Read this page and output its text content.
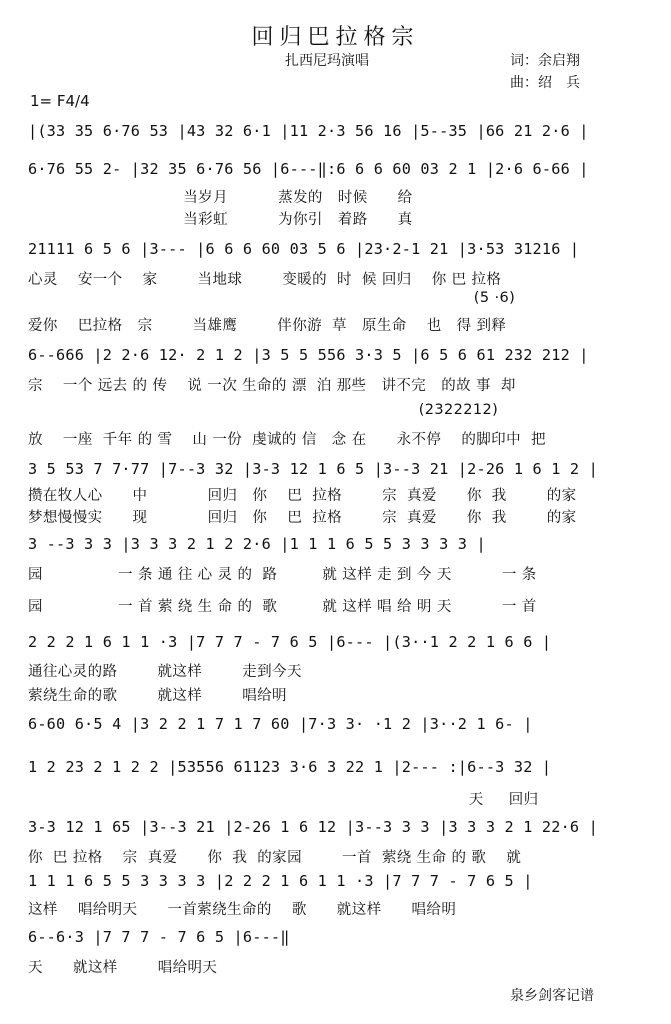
回归巴拉格宗
扎西尼玛演唱	词：余启翔
曲：绍　兵
1= F4/4
|(33 35 6·76 53 |43 32 6·1 |11 2·3 56 16 |5--35 |66 21 2·6 |
6·76 55 2- |32 35 6·76 56 |6---‖:6 6 6 60 03 2 1 |2·6 6-66 |
当岁月          蒸发的   时候      给
当彩虹          为你引   着路      真
21111 6 5 6 |3--- |6 6 6 60 03 5 6 |23·2-1 21 |3·53 31216 |
心灵    安一个    家        当地球        变暖的  时  候 回归    你 巴 拉格
(5 ·6)
爱你    巴拉格   宗        当雄鹰        伴你游  草   原生命    也   得 到释
6--666 |2 2·6 12· 2 1 2 |3 5 5 556 3·3 5 |6 5 6 61 232 212 |
宗    一个 远去 的 传    说 一次 生命的 漂  泊 那些   讲不完   的故 事  却
(2322212)
放    一座  千年 的 雪    山 一份  虔诚的 信   念 在      永不停    的脚印中  把
3 5 53 7 7·77 |7--3 32 |3-3 12 1 6 5 |3--3 21 |2-26 1 6 1 2 |
攒在牧人心      中            回归   你    巴  拉格        宗  真爱      你  我        的家
梦想慢慢实      现            回归   你    巴  拉格        宗  真爱      你  我        的家
3 --3 3 3 |3 3 3 2 1 2 2·6 |1 1 1 6 5 5 3 3 3 3 |
园               一 条 通 往 心 灵 的  路         就 这样 走 到 今 天          一 条
园               一 首 萦 绕 生 命 的  歌         就 这样 唱 给 明 天          一 首
2 2 2 1 6 1 1 ·3 |7 7 7 - 7 6 5 |6--- |(3··1 2 2 1 6 6 |
通往心灵的路        就这样        走到今天
萦绕生命的歌        就这样        唱给明
6-60 6·5 4 |3 2 2 1 7 1 7 60 |7·3 3· ·1 2 |3··2 1 6- |
1 2 23 2 1 2 2 |53556 61123 3·6 3 22 1 |2--- :|6--3 32 |
天     回归
3-3 12 1 65 |3--3 21 |2-26 1 6 12 |3--3 3 3 |3 3 3 2 1 22·6 |
你  巴 拉格    宗  真爱      你  我  的家园        一首  萦绕 生命 的 歌    就
1 1 1 6 5 5 3 3 3 3 |2 2 2 1 6 1 1 ·3 |7 7 7 - 7 6 5 |
这样    唱给明天      一首萦绕生命的    歌      就这样      唱给明
6--6·3 |7 7 7 - 7 6 5 |6---‖
天      就这样        唱给明天
泉乡剑客记谱
